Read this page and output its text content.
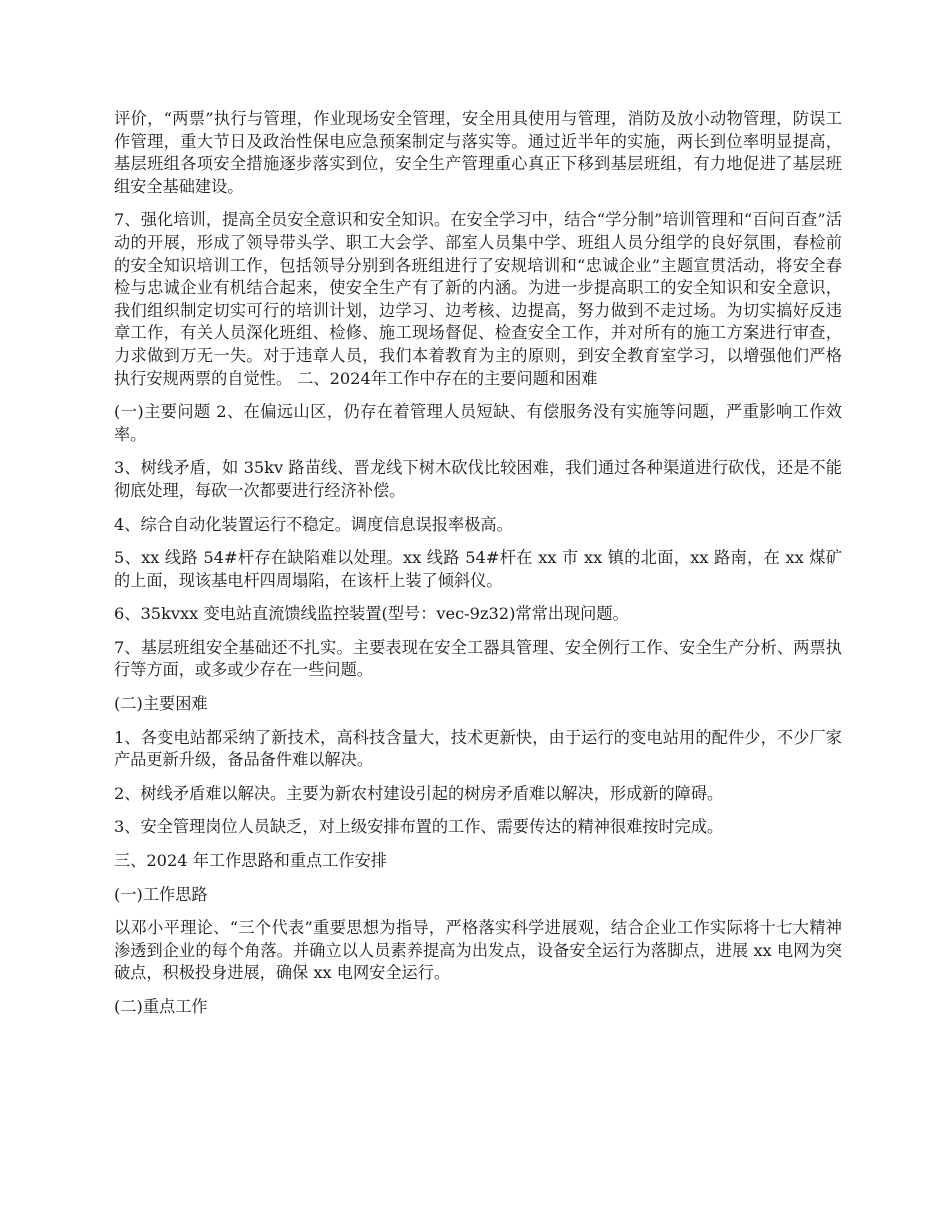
评价，“两票”执行与管理，作业现场安全管理，安全用具使用与管理，消防及放小动物管理，防误工作管理，重大节日及政治性保电应急预案制定与落实等。通过近半年的实施，两长到位率明显提高，基层班组各项安全措施逐步落实到位，安全生产管理重心真正下移到基层班组，有力地促进了基层班组安全基础建设。

7、强化培训，提高全员安全意识和安全知识。在安全学习中，结合“学分制”培训管理和“百问百查”活动的开展，形成了领导带头学、职工大会学、部室人员集中学、班组人员分组学的良好氛围，春检前的安全知识培训工作，包括领导分别到各班组进行了安规培训和“忠诚企业”主题宣贯活动，将安全春检与忠诚企业有机结合起来，使安全生产有了新的内涵。为进一步提高职工的安全知识和安全意识，我们组织制定切实可行的培训计划，边学习、边考核、边提高，努力做到不走过场。为切实搞好反违章工作，有关人员深化班组、检修、施工现场督促、检查安全工作，并对所有的施工方案进行审查，力求做到万无一失。对于违章人员，我们本着教育为主的原则，到安全教育室学习，以增强他们严格执行安规两票的自觉性。 二、2024年工作中存在的主要问题和困难

(一)主要问题 2、在偏远山区，仍存在着管理人员短缺、有偿服务没有实施等问题，严重影响工作效率。

3、树线矛盾，如 35kv 路苗线、晋龙线下树木砍伐比较困难，我们通过各种渠道进行砍伐，还是不能彻底处理，每砍一次都要进行经济补偿。

4、综合自动化装置运行不稳定。调度信息误报率极高。

5、xx 线路 54#杆存在缺陷难以处理。xx 线路 54#杆在 xx 市 xx 镇的北面，xx 路南，在 xx 煤矿的上面，现该基电杆四周塌陷，在该杆上装了倾斜仪。

6、35kvxx 变电站直流馈线监控装置(型号：vec-9z32)常常出现问题。

7、基层班组安全基础还不扎实。主要表现在安全工器具管理、安全例行工作、安全生产分析、两票执行等方面，或多或少存在一些问题。

(二)主要困难

1、各变电站都采纳了新技术，高科技含量大，技术更新快，由于运行的变电站用的配件少，不少厂家产品更新升级，备品备件难以解决。

2、树线矛盾难以解决。主要为新农村建设引起的树房矛盾难以解决，形成新的障碍。

3、安全管理岗位人员缺乏，对上级安排布置的工作、需要传达的精神很难按时完成。

三、2024 年工作思路和重点工作安排

(一)工作思路

以邓小平理论、“三个代表”重要思想为指导，严格落实科学进展观，结合企业工作实际将十七大精神渗透到企业的每个角落。并确立以人员素养提高为出发点，设备安全运行为落脚点，进展 xx 电网为突破点，积极投身进展，确保 xx 电网安全运行。

(二)重点工作
